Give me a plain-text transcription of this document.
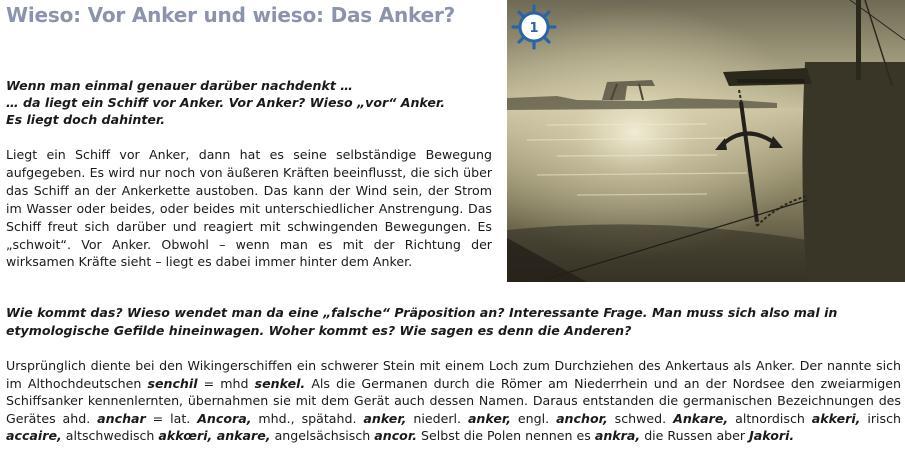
Wieso: Vor Anker und wieso: Das Anker?
Wenn man einmal genauer darüber nachdenkt …
… da liegt ein Schiff vor Anker. Vor Anker? Wieso „vor“ Anker.
Es liegt doch dahinter.

Liegt ein Schiff vor Anker, dann hat es seine selbständige Bewegung aufgegeben. Es wird nur noch von äußeren Kräften beeinflusst, die sich über das Schiff an der Ankerkette austoben. Das kann der Wind sein, der Strom im Wasser oder beides, oder beides mit unterschiedlicher Anstrengung. Das Schiff freut sich darüber und reagiert mit schwingenden Bewegungen. Es „schwoit“. Vor Anker. Obwohl – wenn man es mit der Richtung der wirksamen Kräfte sieht – liegt es dabei immer hinter dem Anker.

1

Wie kommt das? Wieso wendet man da eine „falsche“ Präposition an? Interessante Frage. Man muss sich also mal in etymologische Gefilde hineinwagen. Woher kommt es? Wie sagen es denn die Anderen?

Ursprünglich diente bei den Wikingerschiffen ein schwerer Stein mit einem Loch zum Durchziehen des Ankertaus als Anker. Der nannte sich im Althochdeutschen senchil = mhd senkel. Als die Germanen durch die Römer am Niederrhein und an der Nordsee den zweiarmigen Schiffsanker kennenlernten, übernahmen sie mit dem Gerät auch dessen Namen. Daraus entstanden die germanischen Bezeichnungen des Gerätes ahd. anchar = lat. Ancora, mhd., spätahd. anker, niederl. anker, engl. anchor, schwed. Ankare, altnordisch akkeri, irisch accaire, altschwedisch akkœri, ankare, angelsächsisch ancor. Selbst die Polen nennen es ankra, die Russen aber Jakori.
